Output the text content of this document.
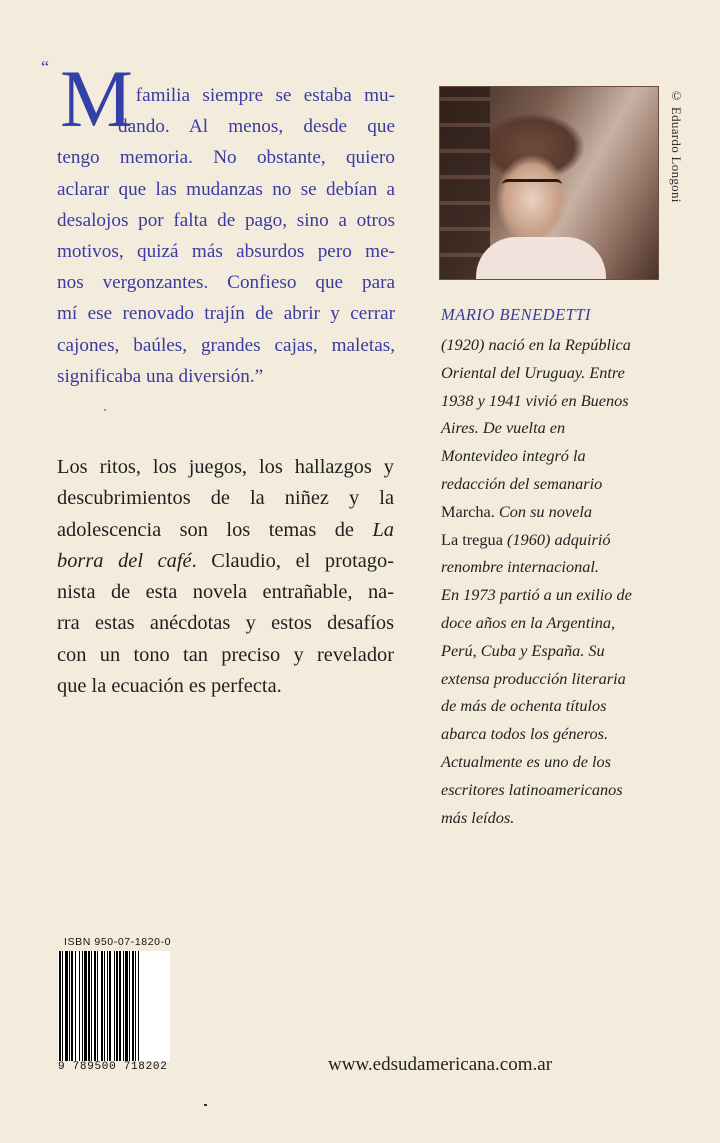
“ M
i familia siempre se estaba mu-
dando. Al menos, desde que
tengo memoria. No obstante, quiero
aclarar que las mudanzas no se debían a
desalojos por falta de pago, sino a otros
motivos, quizá más absurdos pero me-
nos vergonzantes. Confieso que para
mí ese renovado trajín de abrir y cerrar
cajones, baúles, grandes cajas, maletas,
significaba una diversión.”
Los ritos, los juegos, los hallazgos y
descubrimientos de la niñez y la
adolescencia son los temas de La
borra del café. Claudio, el protago-
nista de esta novela entrañable, na-
rra estas anécdotas y estos desafíos
con un tono tan preciso y revelador
que la ecuación es perfecta.
© Eduardo Longoni
MARIO BENEDETTI
(1920) nació en la República
Oriental del Uruguay. Entre
1938 y 1941 vivió en Buenos
Aires. De vuelta en
Montevideo integró la
redacción del semanario
Marcha. Con su novela
La tregua (1960) adquirió
renombre internacional.
En 1973 partió a un exilio de
doce años en la Argentina,
Perú, Cuba y España. Su
extensa producción literaria
de más de ochenta títulos
abarca todos los géneros.
Actualmente es uno de los
escritores latinoamericanos
más leídos.
ISBN 950-07-1820-0
9 789500 718202	www.edsudamericana.com.ar
